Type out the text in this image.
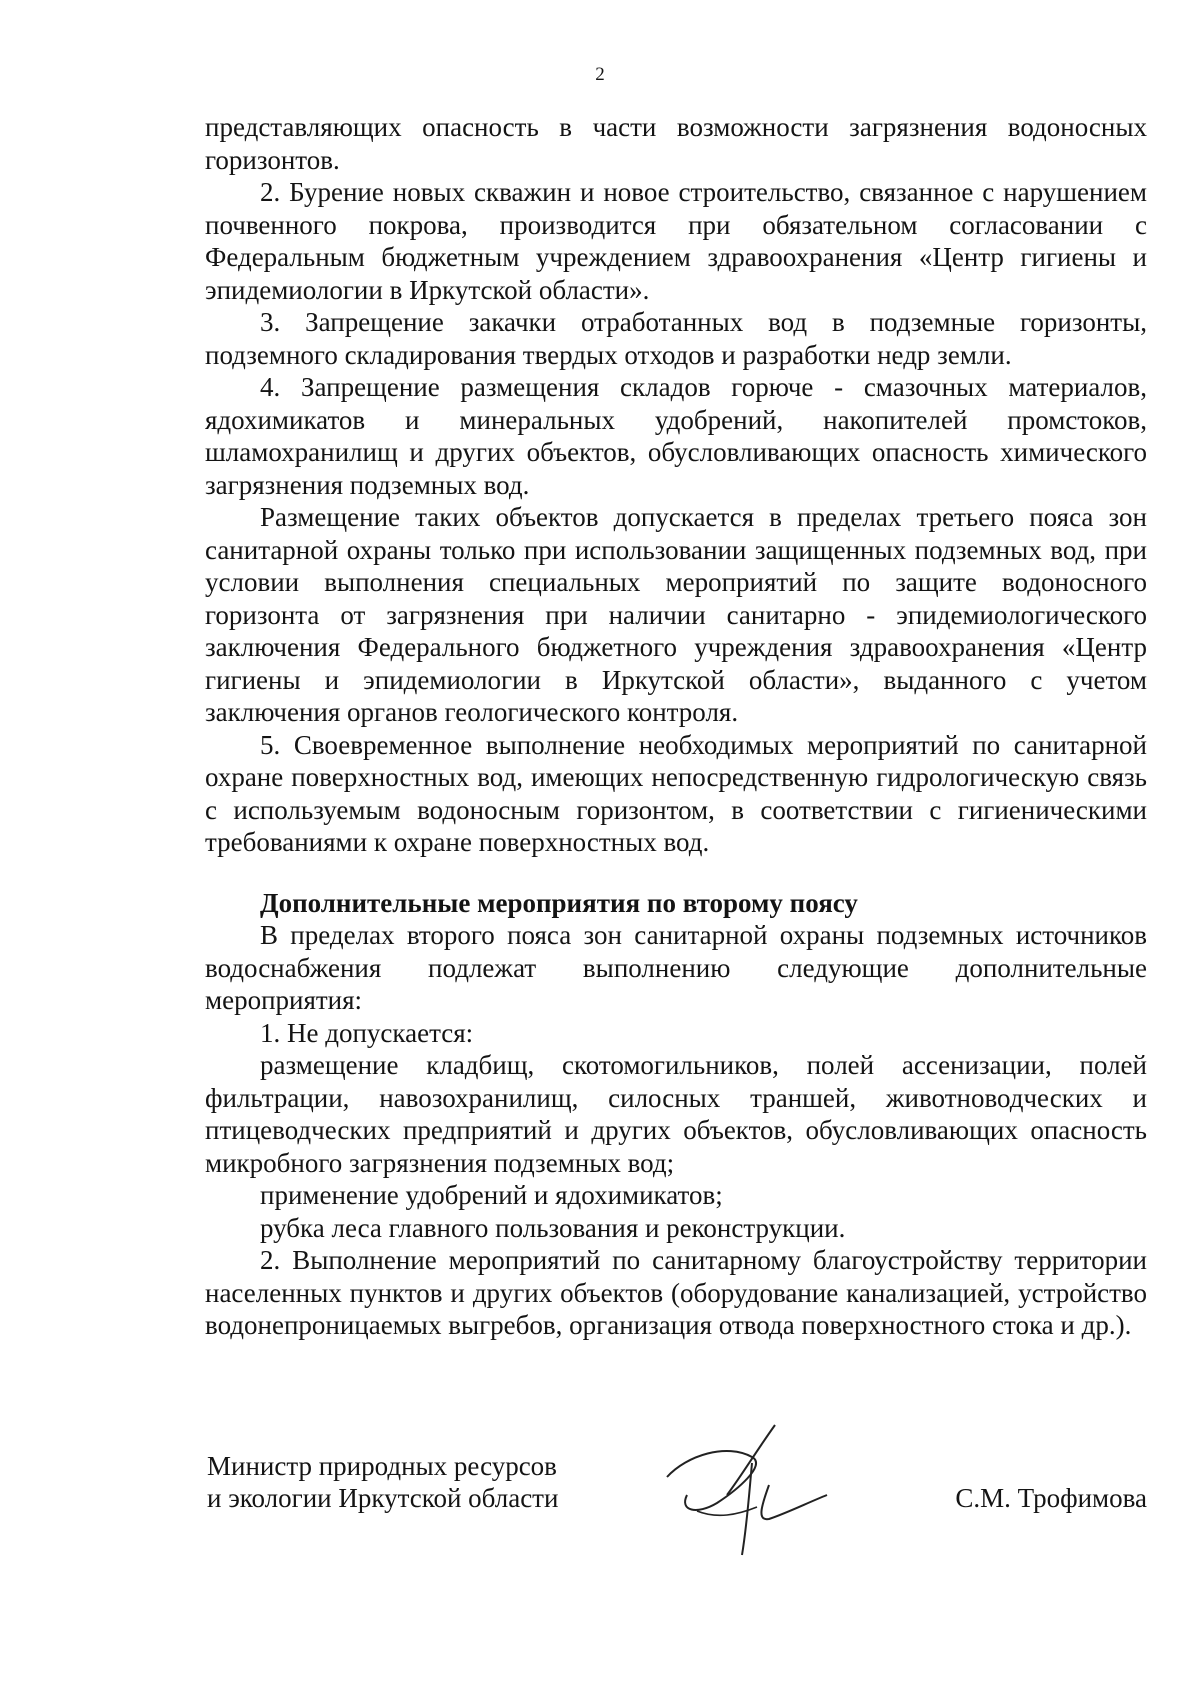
2

представляющих опасность в части возможности загрязнения водоносных горизонтов.

2. Бурение новых скважин и новое строительство, связанное с нарушением почвенного покрова, производится при обязательном согласовании с Федеральным бюджетным учреждением здравоохранения «Центр гигиены и эпидемиологии в Иркутской области».

3. Запрещение закачки отработанных вод в подземные горизонты, подземного складирования твердых отходов и разработки недр земли.

4. Запрещение размещения складов горюче - смазочных материалов, ядохимикатов и минеральных удобрений, накопителей промстоков, шламохранилищ и других объектов, обусловливающих опасность химического загрязнения подземных вод.

Размещение таких объектов допускается в пределах третьего пояса зон санитарной охраны только при использовании защищенных подземных вод, при условии выполнения специальных мероприятий по защите водоносного горизонта от загрязнения при наличии санитарно - эпидемиологического заключения Федерального бюджетного учреждения здравоохранения «Центр гигиены и эпидемиологии в Иркутской области», выданного с учетом заключения органов геологического контроля.

5. Своевременное выполнение необходимых мероприятий по санитарной охране поверхностных вод, имеющих непосредственную гидрологическую связь с используемым водоносным горизонтом, в соответствии с гигиеническими требованиями к охране поверхностных вод.

Дополнительные мероприятия по второму поясу

В пределах второго пояса зон санитарной охраны подземных источников водоснабжения подлежат выполнению следующие дополнительные мероприятия:

1. Не допускается:

размещение кладбищ, скотомогильников, полей ассенизации, полей фильтрации, навозохранилищ, силосных траншей, животноводческих и птицеводческих предприятий и других объектов, обусловливающих опасность микробного загрязнения подземных вод;

применение удобрений и ядохимикатов;

рубка леса главного пользования и реконструкции.

2. Выполнение мероприятий по санитарному благоустройству территории населенных пунктов и других объектов (оборудование канализацией, устройство водонепроницаемых выгребов, организация отвода поверхностного стока и др.).

Министр природных ресурсов
и экологии Иркутской области	С.М. Трофимова
